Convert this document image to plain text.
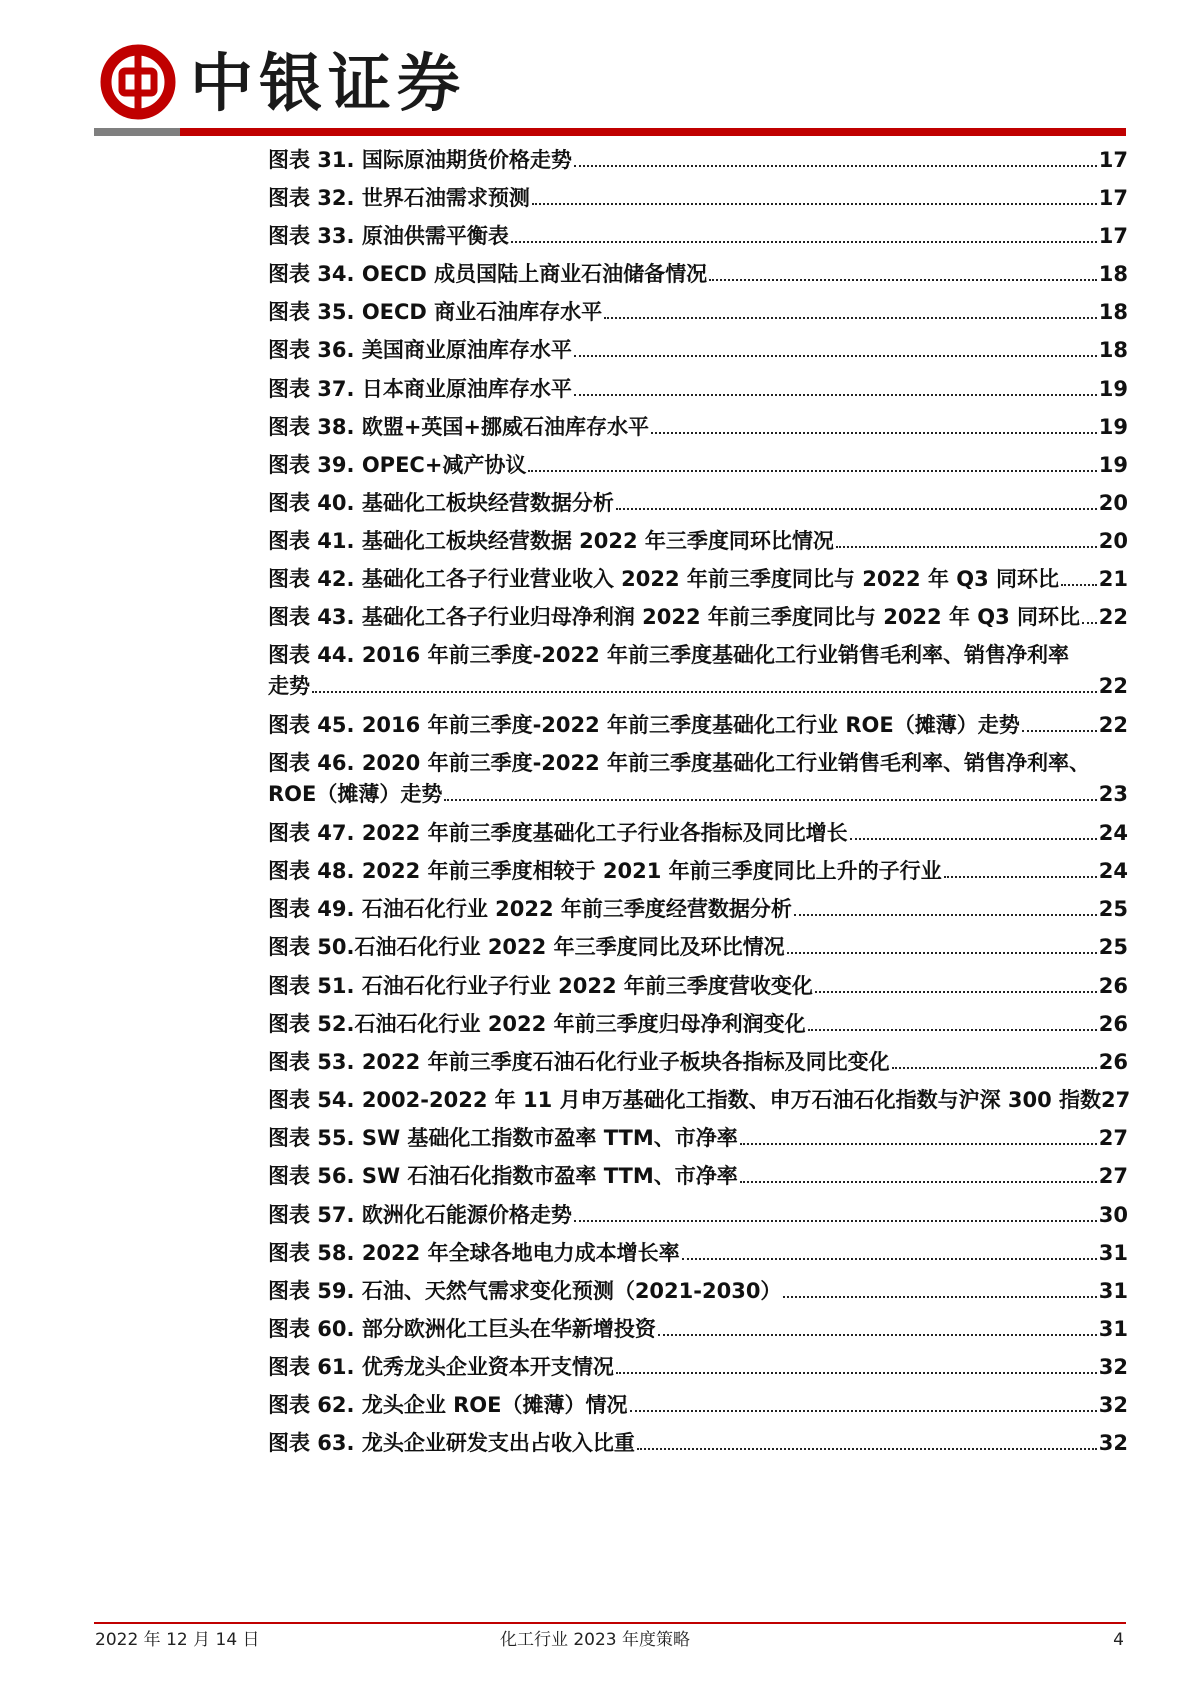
中银证券
图表 31. 国际原油期货价格走势	17
图表 32. 世界石油需求预测	17
图表 33. 原油供需平衡表	17
图表 34. OECD 成员国陆上商业石油储备情况	18
图表 35. OECD 商业石油库存水平	18
图表 36. 美国商业原油库存水平	18
图表 37. 日本商业原油库存水平	19
图表 38. 欧盟+英国+挪威石油库存水平	19
图表 39. OPEC+减产协议	19
图表 40. 基础化工板块经营数据分析	20
图表 41. 基础化工板块经营数据 2022 年三季度同环比情况	20
图表 42. 基础化工各子行业营业收入 2022 年前三季度同比与 2022 年 Q3 同环比 21
图表 43. 基础化工各子行业归母净利润 2022 年前三季度同比与 2022 年 Q3 同环比 22
图表 44. 2016 年前三季度-2022 年前三季度基础化工行业销售毛利率、销售净利率
走势	22
图表 45. 2016 年前三季度-2022 年前三季度基础化工行业 ROE（摊薄）走势	22
图表 46. 2020 年前三季度-2022 年前三季度基础化工行业销售毛利率、销售净利率、
ROE（摊薄）走势	23
图表 47. 2022 年前三季度基础化工子行业各指标及同比增长	24
图表 48. 2022 年前三季度相较于 2021 年前三季度同比上升的子行业	24
图表 49. 石油石化行业 2022 年前三季度经营数据分析	25
图表 50.石油石化行业 2022 年三季度同比及环比情况	25
图表 51. 石油石化行业子行业 2022 年前三季度营收变化	26
图表 52.石油石化行业 2022 年前三季度归母净利润变化	26
图表 53. 2022 年前三季度石油石化行业子板块各指标及同比变化	26
图表 54. 2002-2022 年 11 月申万基础化工指数、申万石油石化指数与沪深 300 指数 27
图表 55. SW 基础化工指数市盈率 TTM、市净率	27
图表 56. SW 石油石化指数市盈率 TTM、市净率	27
图表 57. 欧洲化石能源价格走势	30
图表 58. 2022 年全球各地电力成本增长率	31
图表 59. 石油、天然气需求变化预测（2021-2030）	31
图表 60. 部分欧洲化工巨头在华新增投资	31
图表 61. 优秀龙头企业资本开支情况	32
图表 62. 龙头企业 ROE（摊薄）情况	32
图表 63. 龙头企业研发支出占收入比重	32
2022 年 12 月 14 日	化工行业 2023 年度策略	4
